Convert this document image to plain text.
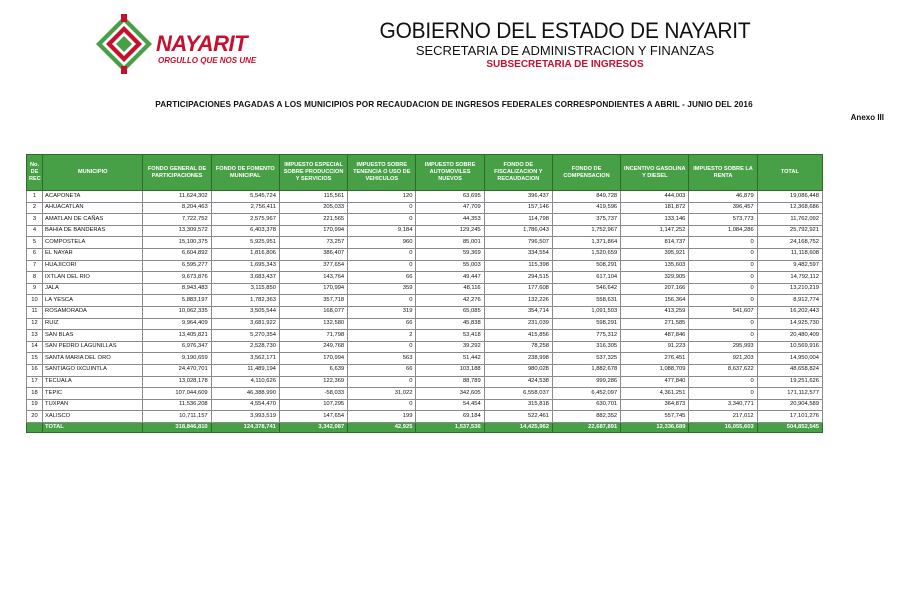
NAYARIT
ORGULLO QUE NOS UNE
GOBIERNO DEL ESTADO DE NAYARIT
SECRETARIA DE ADMINISTRACION Y FINANZAS
SUBSECRETARIA DE INGRESOS
PARTICIPACIONES PAGADAS A LOS MUNICIPIOS POR RECAUDACION DE INGRESOS FEDERALES CORRESPONDIENTES A ABRIL - JUNIO DEL 2016
Anexo III
No. DE REC	MUNICIPIO	FONDO GENERAL DE PARTICIPACIONES	FONDO DE FOMENTO MUNICIPAL	IMPUESTO ESPECIAL SOBRE PRODUCCION Y SERVICIOS	IMPUESTO SOBRE TENENCIA O USO DE VEHICULOS	IMPUESTO SOBRE AUTOMOVILES NUEVOS	FONDO DE FISCALIZACION Y RECAUDACION	FONDO DE COMPENSACION	INCENTIVO GASOLINA Y DIESEL	IMPUESTO SOBRE LA RENTA	TOTAL
1	ACAPONETA	11,624,302	5,545,724	115,561	120	63,695	396,437	849,728	444,003	46,879	19,086,448
2	AHUACATLAN	8,204,463	2,756,411	205,033	0	47,709	157,146	419,596	181,872	396,457	12,368,686
3	AMATLAN DE CAÑAS	7,722,752	2,575,967	221,565	0	44,353	114,798	375,737	133,146	573,773	11,762,092
4	BAHIA DE BANDERAS	13,309,572	6,403,378	170,994	9,184	129,245	1,786,043	1,752,967	1,147,252	1,084,286	25,792,921
5	COMPOSTELA	15,100,375	5,925,951	73,257	960	85,001	796,507	1,371,864	814,737	0	24,168,752
6	EL NAYAR	6,604,892	1,816,806	386,407	0	59,369	334,554	1,520,659	395,921	0	11,118,608
7	HUAJICORI	6,595,277	1,695,343	377,654	0	55,003	115,398	508,291	135,603	0	9,482,597
8	IXTLAN DEL RIO	9,673,876	3,683,437	143,764	66	49,447	294,515	617,104	329,905	0	14,792,112
9	JALA	8,943,483	3,115,850	170,994	359	48,116	177,608	546,642	207,166	0	13,210,219
10	LA YESCA	5,883,197	1,782,363	357,718	0	42,276	132,226	558,631	156,364	0	8,912,774
11	ROSAMORADA	10,062,335	3,505,544	168,077	319	65,085	354,714	1,091,503	413,259	541,607	16,202,443
12	RUIZ	9,964,409	3,681,922	132,580	66	45,838	231,039	598,291	271,585	0	14,925,730
13	SAN BLAS	13,405,821	5,270,354	71,798	2	53,418	415,856	775,312	487,846	0	20,480,409
14	SAN PEDRO LAGUNILLAS	6,976,347	2,528,730	249,768	0	39,292	78,258	316,305	91,223	295,993	10,569,916
15	SANTA MARIA DEL ORO	9,190,659	3,562,171	170,994	563	51,442	238,998	537,325	276,451	921,203	14,950,004
16	SANTIAGO IXCUINTLA	24,470,701	11,489,194	6,639	66	103,188	980,028	1,882,678	1,088,709	8,637,622	48,658,824
17	TECUALA	13,028,178	4,110,626	122,369	0	88,789	424,538	999,286	477,840	0	19,251,626
18	TEPIC	107,044,609	46,388,990	-58,033	31,022	342,605	6,558,037	6,452,097	4,361,251	0	171,112,577
19	TUXPAN	11,536,208	4,554,470	107,295	0	54,454	315,818	630,701	364,873	3,340,771	20,904,589
20	XALISCO	10,711,157	3,993,519	147,654	199	69,184	522,461	882,352	557,745	217,012	17,101,276
	TOTAL	318,846,810	124,378,741	3,342,087	42,925	1,537,536	14,425,962	22,687,891	12,336,689	16,055,603	504,852,545
